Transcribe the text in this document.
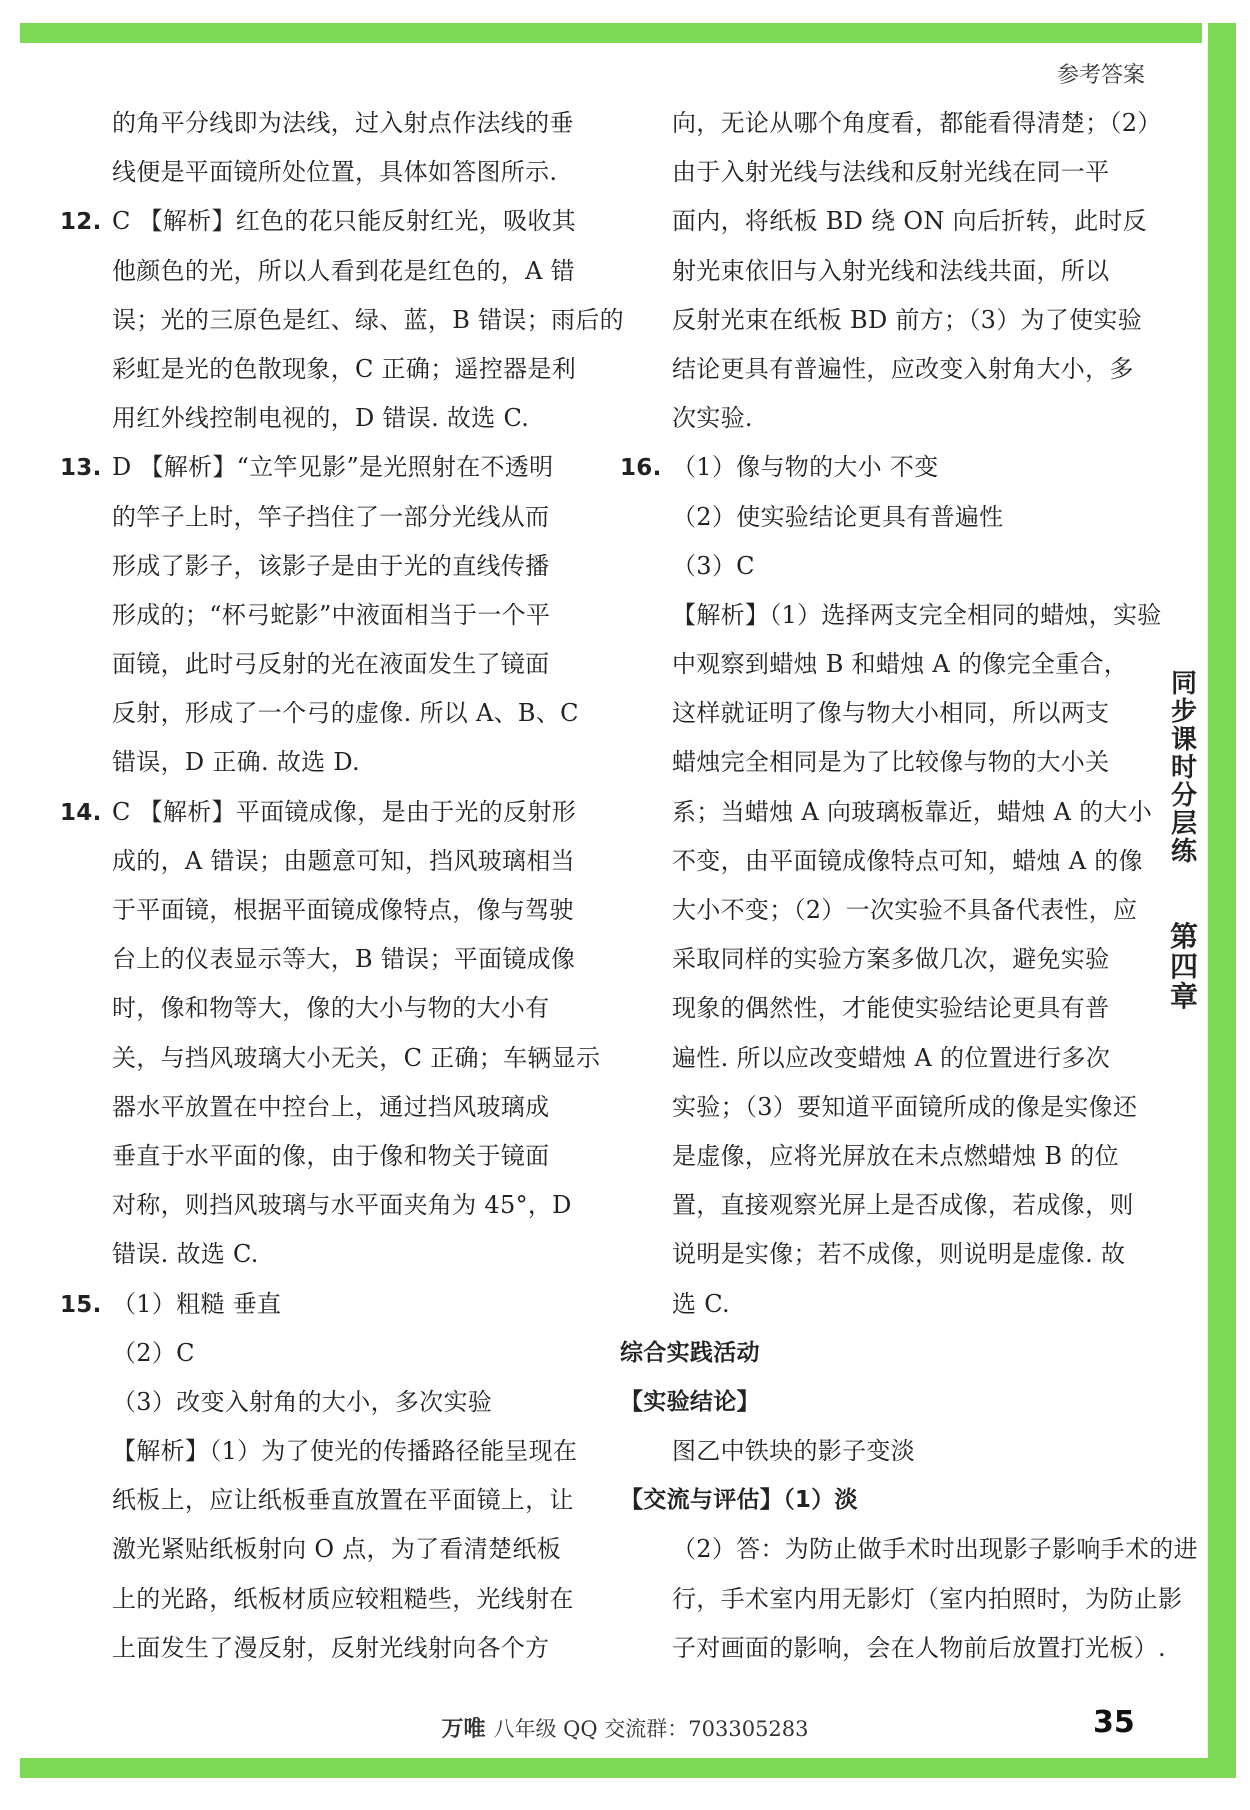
参考答案
同
步
课
时
分
层
练
第
四
章
的角平分线即为法线，过入射点作法线的垂
线便是平面镜所处位置，具体如答图所示.
12. C 【解析】红色的花只能反射红光，吸收其
他颜色的光，所以人看到花是红色的，A 错
误；光的三原色是红、绿、蓝，B 错误；雨后的
彩虹是光的色散现象，C 正确；遥控器是利
用红外线控制电视的，D 错误. 故选 C.
13. D 【解析】“立竿见影”是光照射在不透明
的竿子上时，竿子挡住了一部分光线从而
形成了影子，该影子是由于光的直线传播
形成的；“杯弓蛇影”中液面相当于一个平
面镜，此时弓反射的光在液面发生了镜面
反射，形成了一个弓的虚像. 所以 A、B、C
错误，D 正确. 故选 D.
14. C 【解析】平面镜成像，是由于光的反射形
成的，A 错误；由题意可知，挡风玻璃相当
于平面镜，根据平面镜成像特点，像与驾驶
台上的仪表显示等大，B 错误；平面镜成像
时，像和物等大，像的大小与物的大小有
关，与挡风玻璃大小无关，C 正确；车辆显示
器水平放置在中控台上，通过挡风玻璃成
垂直于水平面的像，由于像和物关于镜面
对称，则挡风玻璃与水平面夹角为 45°，D
错误. 故选 C.
15. （1）粗糙 垂直
（2）C
（3）改变入射角的大小，多次实验
【解析】（1）为了使光的传播路径能呈现在
纸板上，应让纸板垂直放置在平面镜上，让
激光紧贴纸板射向 O 点，为了看清楚纸板
上的光路，纸板材质应较粗糙些，光线射在
上面发生了漫反射，反射光线射向各个方
向，无论从哪个角度看，都能看得清楚；（2）
由于入射光线与法线和反射光线在同一平
面内，将纸板 BD 绕 ON 向后折转，此时反
射光束依旧与入射光线和法线共面，所以
反射光束在纸板 BD 前方；（3）为了使实验
结论更具有普遍性，应改变入射角大小，多
次实验.
16. （1）像与物的大小 不变
（2）使实验结论更具有普遍性
（3）C
【解析】（1）选择两支完全相同的蜡烛，实验
中观察到蜡烛 B 和蜡烛 A 的像完全重合，
这样就证明了像与物大小相同，所以两支
蜡烛完全相同是为了比较像与物的大小关
系；当蜡烛 A 向玻璃板靠近，蜡烛 A 的大小
不变，由平面镜成像特点可知，蜡烛 A 的像
大小不变；（2）一次实验不具备代表性，应
采取同样的实验方案多做几次，避免实验
现象的偶然性，才能使实验结论更具有普
遍性. 所以应改变蜡烛 A 的位置进行多次
实验；（3）要知道平面镜所成的像是实像还
是虚像，应将光屏放在未点燃蜡烛 B 的位
置，直接观察光屏上是否成像，若成像，则
说明是实像；若不成像，则说明是虚像. 故
选 C.
综合实践活动
【实验结论】
图乙中铁块的影子变淡
【交流与评估】（1）淡
（2）答：为防止做手术时出现影子影响手术的进
行，手术室内用无影灯（室内拍照时，为防止影
子对画面的影响，会在人物前后放置打光板）.
万唯 八年级 QQ 交流群：703305283	35
